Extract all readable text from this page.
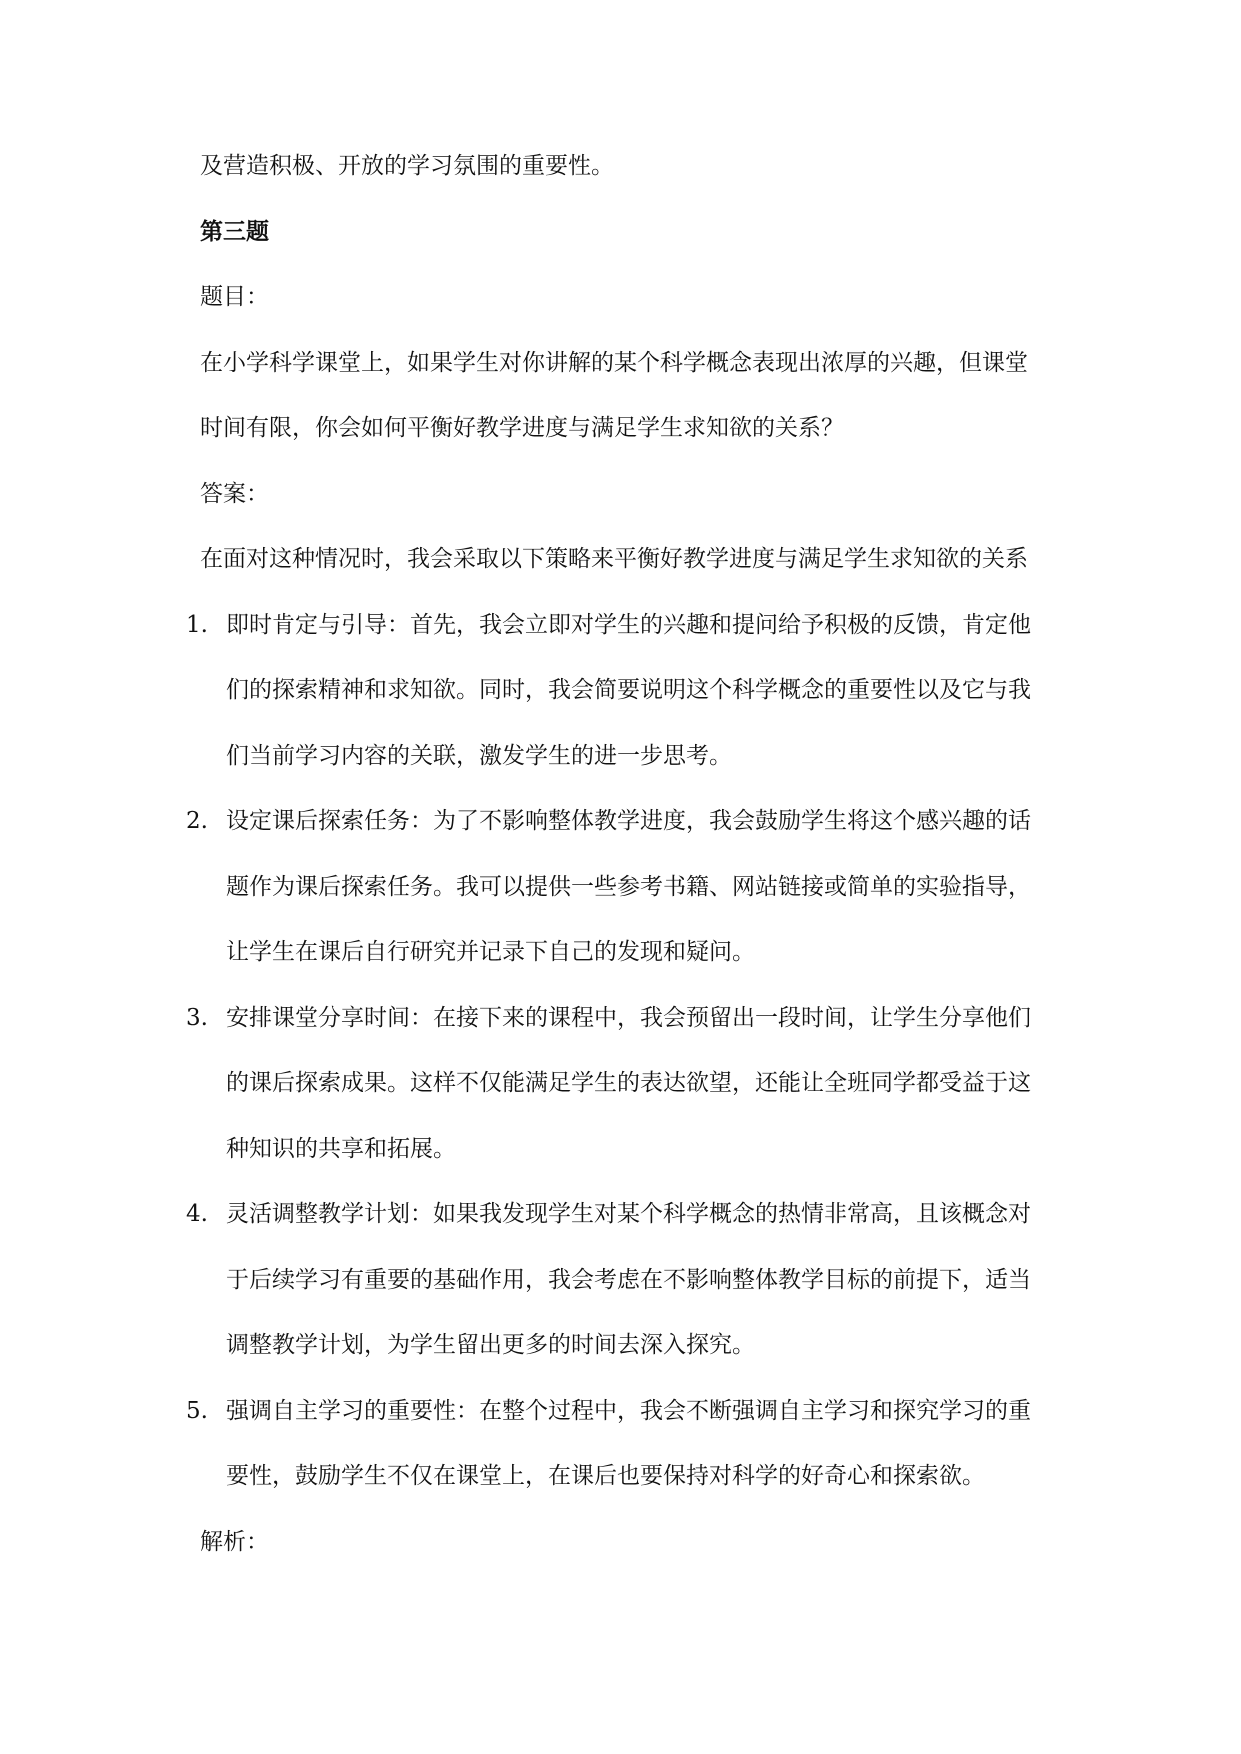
及营造积极、开放的学习氛围的重要性。
第三题
题目：
在小学科学课堂上，如果学生对你讲解的某个科学概念表现出浓厚的兴趣，但课堂
时间有限，你会如何平衡好教学进度与满足学生求知欲的关系？
答案：
在面对这种情况时，我会采取以下策略来平衡好教学进度与满足学生求知欲的关系
1. 即时肯定与引导：首先，我会立即对学生的兴趣和提问给予积极的反馈，肯定他
们的探索精神和求知欲。同时，我会简要说明这个科学概念的重要性以及它与我
们当前学习内容的关联，激发学生的进一步思考。
2. 设定课后探索任务：为了不影响整体教学进度，我会鼓励学生将这个感兴趣的话
题作为课后探索任务。我可以提供一些参考书籍、网站链接或简单的实验指导，
让学生在课后自行研究并记录下自己的发现和疑问。
3. 安排课堂分享时间：在接下来的课程中，我会预留出一段时间，让学生分享他们
的课后探索成果。这样不仅能满足学生的表达欲望，还能让全班同学都受益于这
种知识的共享和拓展。
4. 灵活调整教学计划：如果我发现学生对某个科学概念的热情非常高，且该概念对
于后续学习有重要的基础作用，我会考虑在不影响整体教学目标的前提下，适当
调整教学计划，为学生留出更多的时间去深入探究。
5. 强调自主学习的重要性：在整个过程中，我会不断强调自主学习和探究学习的重
要性，鼓励学生不仅在课堂上，在课后也要保持对科学的好奇心和探索欲。
解析：
